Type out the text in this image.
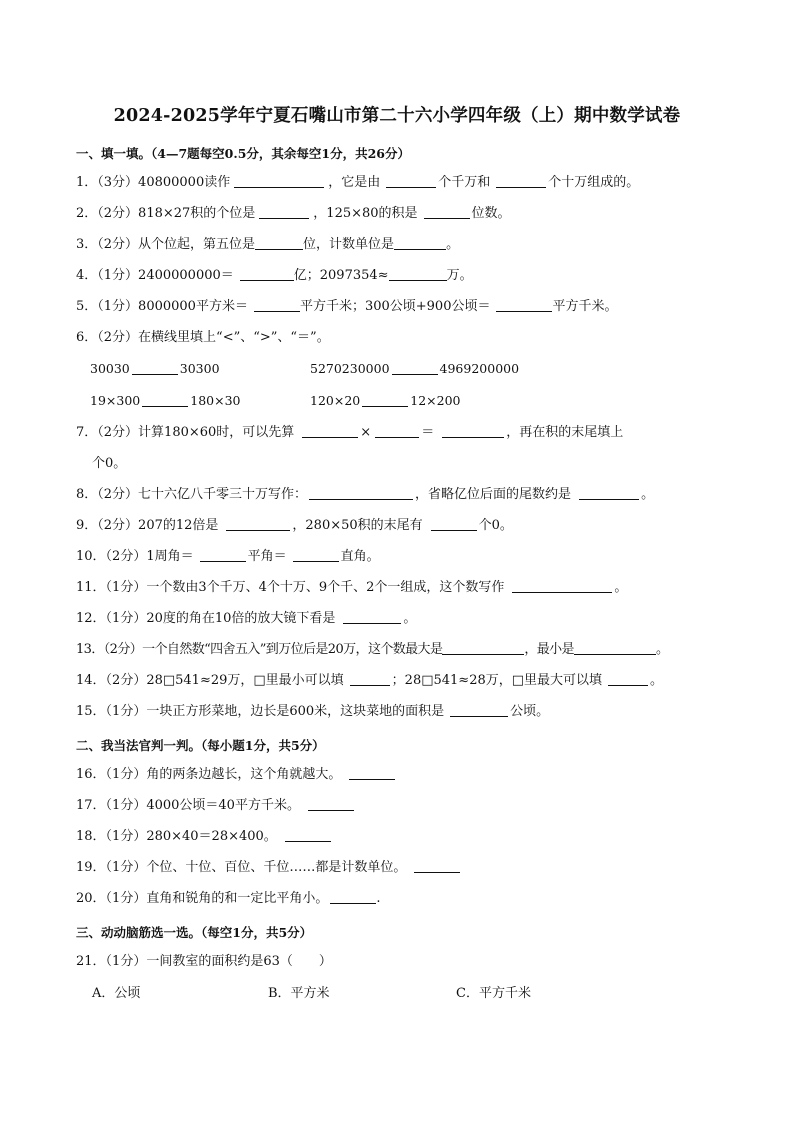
2024-2025学年宁夏石嘴山市第二十六小学四年级（上）期中数学试卷
一、填一填。（4—7题每空0.5分，其余每空1分，共26分）
1．（3分）40800000读作	，它是由	个千万和	个十万组成的。
2．（2分）818×27积的个位是	，125×80的积是	位数。
3．（2分）从个位起，第五位是	位，计数单位是	。
4．（1分）2400000000＝	亿；2097354≈	万。
5．（1分）8000000平方米＝	平方千米；300公顷+900公顷＝	平方千米。
6．（2分）在横线里填上“<”、“>”、“＝”。
30030	30300	5270230000	4969200000
19×300	180×30	120×20	12×200
7．（2分）计算180×60时，可以先算	×	＝	，再在积的末尾填上
个0。
8．（2分）七十六亿八千零三十万写作：	，省略亿位后面的尾数约是	。
9．（2分）207的12倍是	，280×50积的末尾有	个0。
10．（2分）1周角＝	平角＝	直角。
11．（1分）一个数由3个千万、4个十万、9个千、2个一组成，这个数写作	。
12．（1分）20度的角在10倍的放大镜下看是	。
13．（2分）一个自然数“四舍五入”到万位后是20万，这个数最大是	，最小是	。
14．（2分）28□541≈29万，□里最小可以填	；28□541≈28万，□里最大可以填	。
15．（1分）一块正方形菜地，边长是600米，这块菜地的面积是	公顷。
二、我当法官判一判。（每小题1分，共5分）
16．（1分）角的两条边越长，这个角就越大。
17．（1分）4000公顷＝40平方千米。
18．（1分）280×40＝28×400。
19．（1分）个位、十位、百位、千位……都是计数单位。
20．（1分）直角和锐角的和一定比平角小。	.
三、动动脑筋选一选。（每空1分，共5分）
21．（1分）一间教室的面积约是63（　　）
A．公顷	B．平方米	C．平方千米
